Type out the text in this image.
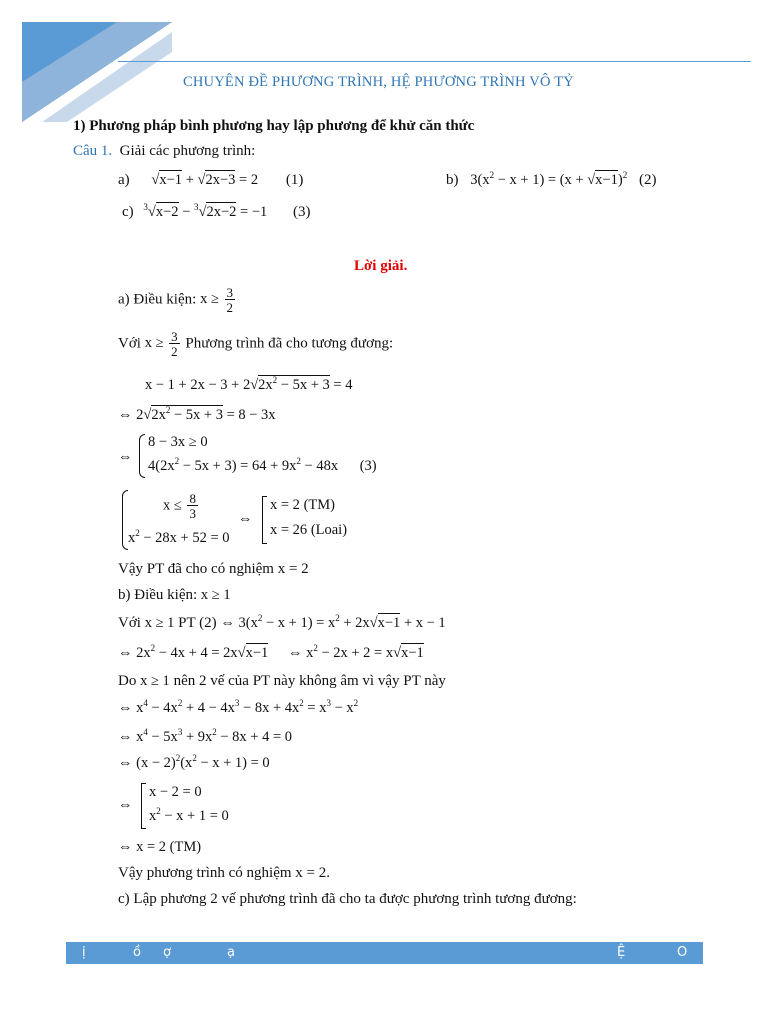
CHUYÊN ĐỀ PHƯƠNG TRÌNH, HỆ PHƯƠNG TRÌNH VÔ TỶ
1) Phương pháp bình phương hay lập phương để khử căn thức
Câu 1. Giải các phương trình:
a) √x−1 + √2x−3 = 2 (1)	b) $3(x^2 - x + 1) = (x + √x-1)^2$ (2)
c) $^3$√x−2 − $^3$√2x−2 = −1 (3)
Lời giải.
a) Điều kiện: $x \ge \frac{3}{2}$
Với $x \ge \frac{3}{2}$ Phương trình đã cho tương đương:
$x - 1 + 2x - 3 + 2√2x^2 - 5x + 3 = 4$
⇔ $2√2x^2 - 5x + 3 = 8 - 3x$
⇔
8 − 3x ≥ 0
$4(2x^2 - 5x + 3) = 64 + 9x^2 - 48x$ (3)
$x \le \frac{8}{3}$
$x^2 - 28x + 52 = 0$
⇔
x = 2 (TM)
x = 26 (Loai)
Vậy PT đã cho có nghiệm x = 2
b) Điều kiện: x ≥ 1
Với x ≥ 1 PT (2) ⇔ $3(x^2 - x + 1) = x^2 + 2x√x-1 + x - 1$
⇔ $2x^2 - 4x + 4 = 2x√x-1$ ⇔ $x^2 - 2x + 2 = x√x-1$
Do x ≥ 1 nên 2 vế của PT này không âm vì vậy PT này
⇔ $x^4 - 4x^2 + 4 - 4x^3 - 8x + 4x^2 = x^3 - x^2$
⇔ $x^4 - 5x^3 + 9x^2 - 8x + 4 = 0$
⇔ $(x - 2)^2(x^2 - x + 1) = 0$
⇔
x − 2 = 0
$x^2 - x + 1 = 0$
⇔ x = 2 (TM)
Vậy phương trình có nghiệm x = 2.
c) Lập phương 2 vế phương trình đã cho ta được phương trình tương đương:
ị	ồ ợ	ạ	Ệ	O
